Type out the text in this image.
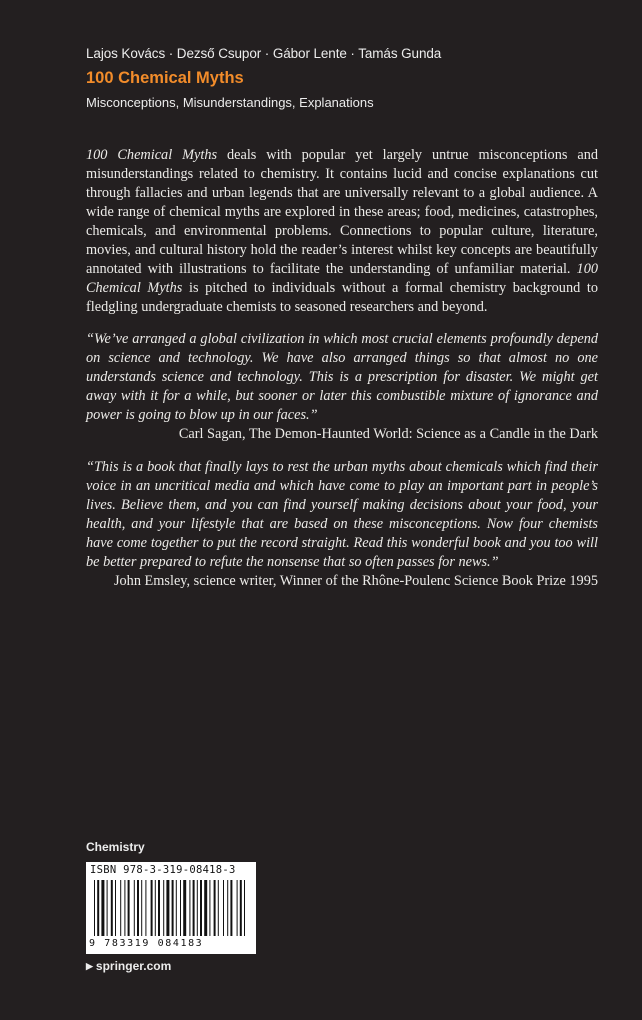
Lajos Kovács · Dezső Csupor · Gábor Lente · Tamás Gunda
100 Chemical Myths
Misconceptions, Misunderstandings, Explanations

100 Chemical Myths deals with popular yet largely untrue misconceptions and misunderstandings related to chemistry. It contains lucid and concise explanations cut through fallacies and urban legends that are universally relevant to a global audience. A wide range of chemical myths are explored in these areas; food, medicines, catastrophes, chemicals, and environmental problems. Connections to popular culture, literature, movies, and cultural history hold the reader’s interest whilst key concepts are beautifully annotated with illustrations to facilitate the understanding of unfamiliar material. 100 Chemical Myths is pitched to individuals without a formal chemistry background to fledgling undergraduate chemists to seasoned researchers and beyond.

“We’ve arranged a global civilization in which most crucial elements profoundly depend on science and technology. We have also arranged things so that almost no one understands science and technology. This is a prescription for disaster. We might get away with it for a while, but sooner or later this combustible mixture of ignorance and power is going to blow up in our faces.”

Carl Sagan, The Demon-Haunted World: Science as a Candle in the Dark

“This is a book that finally lays to rest the urban myths about chemicals which find their voice in an uncritical media and which have come to play an important part in people’s lives. Believe them, and you can find yourself making decisions about your food, your health, and your lifestyle that are based on these misconceptions. Now four chemists have come together to put the record straight. Read this wonderful book and you too will be better prepared to refute the nonsense that so often passes for news.”

John Emsley, science writer, Winner of the Rhône-Poulenc Science Book Prize 1995

Chemistry
ISBN 978-3-319-08418-3
9 783319 084183
▶ springer.com
